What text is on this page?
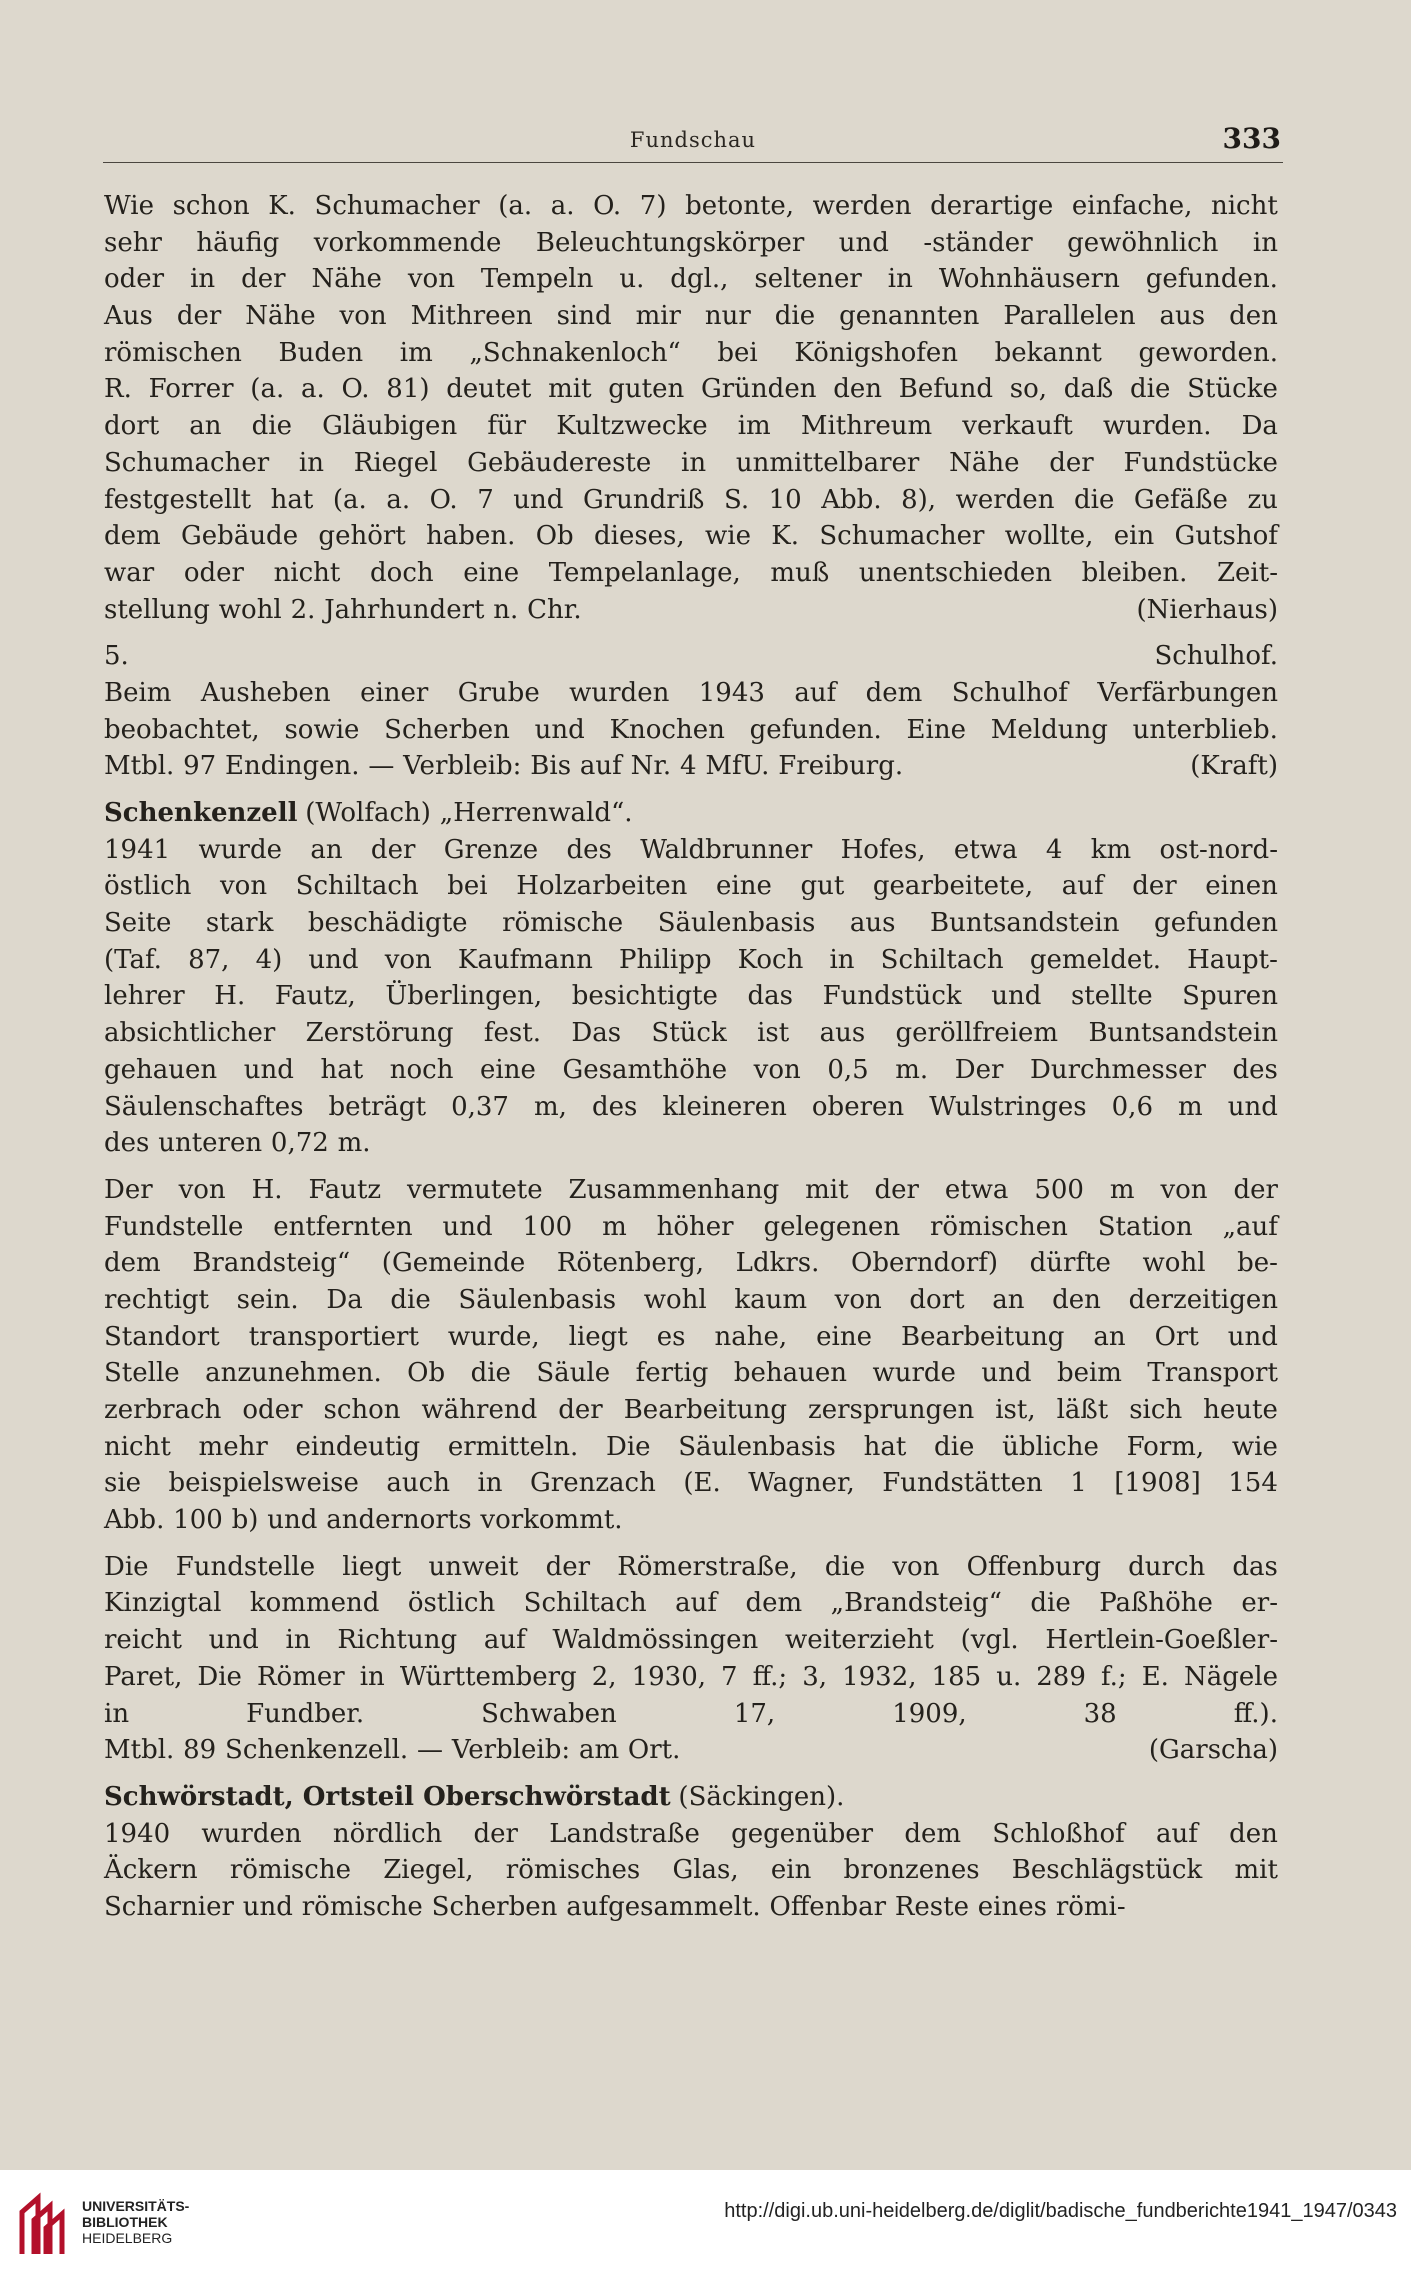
Fundschau	333
Wie schon K. Schumacher (a. a. O. 7) betonte, werden derartige einfache, nicht
sehr häufig vorkommende Beleuchtungskörper und -ständer gewöhnlich in
oder in der Nähe von Tempeln u. dgl., seltener in Wohnhäusern gefunden.
Aus der Nähe von Mithreen sind mir nur die genannten Parallelen aus den
römischen Buden im „Schnakenloch“ bei Königshofen bekannt geworden.
R. Forrer (a. a. O. 81) deutet mit guten Gründen den Befund so, daß die Stücke
dort an die Gläubigen für Kultzwecke im Mithreum verkauft wurden. Da
Schumacher in Riegel Gebäudereste in unmittelbarer Nähe der Fundstücke
festgestellt hat (a. a. O. 7 und Grundriß S. 10 Abb. 8), werden die Gefäße zu
dem Gebäude gehört haben. Ob dieses, wie K. Schumacher wollte, ein Gutshof
war oder nicht doch eine Tempelanlage, muß unentschieden bleiben. Zeit-
stellung wohl 2. Jahrhundert n. Chr.	(Nierhaus)
5.	Schulhof.
Beim Ausheben einer Grube wurden 1943 auf dem Schulhof Verfärbungen
beobachtet, sowie Scherben und Knochen gefunden. Eine Meldung unterblieb.
Mtbl. 97 Endingen. — Verbleib: Bis auf Nr. 4 MfU. Freiburg.	(Kraft)
Schenkenzell (Wolfach) „Herrenwald“.
1941 wurde an der Grenze des Waldbrunner Hofes, etwa 4 km ost-nord-
östlich von Schiltach bei Holzarbeiten eine gut gearbeitete, auf der einen
Seite stark beschädigte römische Säulenbasis aus Buntsandstein gefunden
(Taf. 87, 4) und von Kaufmann Philipp Koch in Schiltach gemeldet. Haupt-
lehrer H. Fautz, Überlingen, besichtigte das Fundstück und stellte Spuren
absichtlicher Zerstörung fest. Das Stück ist aus geröllfreiem Buntsandstein
gehauen und hat noch eine Gesamthöhe von 0,5 m. Der Durchmesser des
Säulenschaftes beträgt 0,37 m, des kleineren oberen Wulstringes 0,6 m und
des unteren 0,72 m.
Der von H. Fautz vermutete Zusammenhang mit der etwa 500 m von der
Fundstelle entfernten und 100 m höher gelegenen römischen Station „auf
dem Brandsteig“ (Gemeinde Rötenberg, Ldkrs. Oberndorf) dürfte wohl be-
rechtigt sein. Da die Säulenbasis wohl kaum von dort an den derzeitigen
Standort transportiert wurde, liegt es nahe, eine Bearbeitung an Ort und
Stelle anzunehmen. Ob die Säule fertig behauen wurde und beim Transport
zerbrach oder schon während der Bearbeitung zersprungen ist, läßt sich heute
nicht mehr eindeutig ermitteln. Die Säulenbasis hat die übliche Form, wie
sie beispielsweise auch in Grenzach (E. Wagner, Fundstätten 1 [1908] 154
Abb. 100 b) und andernorts vorkommt.
Die Fundstelle liegt unweit der Römerstraße, die von Offenburg durch das
Kinzigtal kommend östlich Schiltach auf dem „Brandsteig“ die Paßhöhe er-
reicht und in Richtung auf Waldmössingen weiterzieht (vgl. Hertlein-Goeßler-
Paret, Die Römer in Württemberg 2, 1930, 7 ff.; 3, 1932, 185 u. 289 f.; E. Nägele
in	Fundber.	Schwaben	17,	1909,	38	ff.).
Mtbl. 89 Schenkenzell. — Verbleib: am Ort.	(Garscha)
Schwörstadt, Ortsteil Oberschwörstadt (Säckingen).
1940 wurden nördlich der Landstraße gegenüber dem Schloßhof auf den
Äckern römische Ziegel, römisches Glas, ein bronzenes Beschlägstück mit
Scharnier und römische Scherben aufgesammelt. Offenbar Reste eines römi-
UNIVERSITÄTS-
BIBLIOTHEK
HEIDELBERG
http://digi.ub.uni-heidelberg.de/diglit/badische_fundberichte1941_1947/0343
